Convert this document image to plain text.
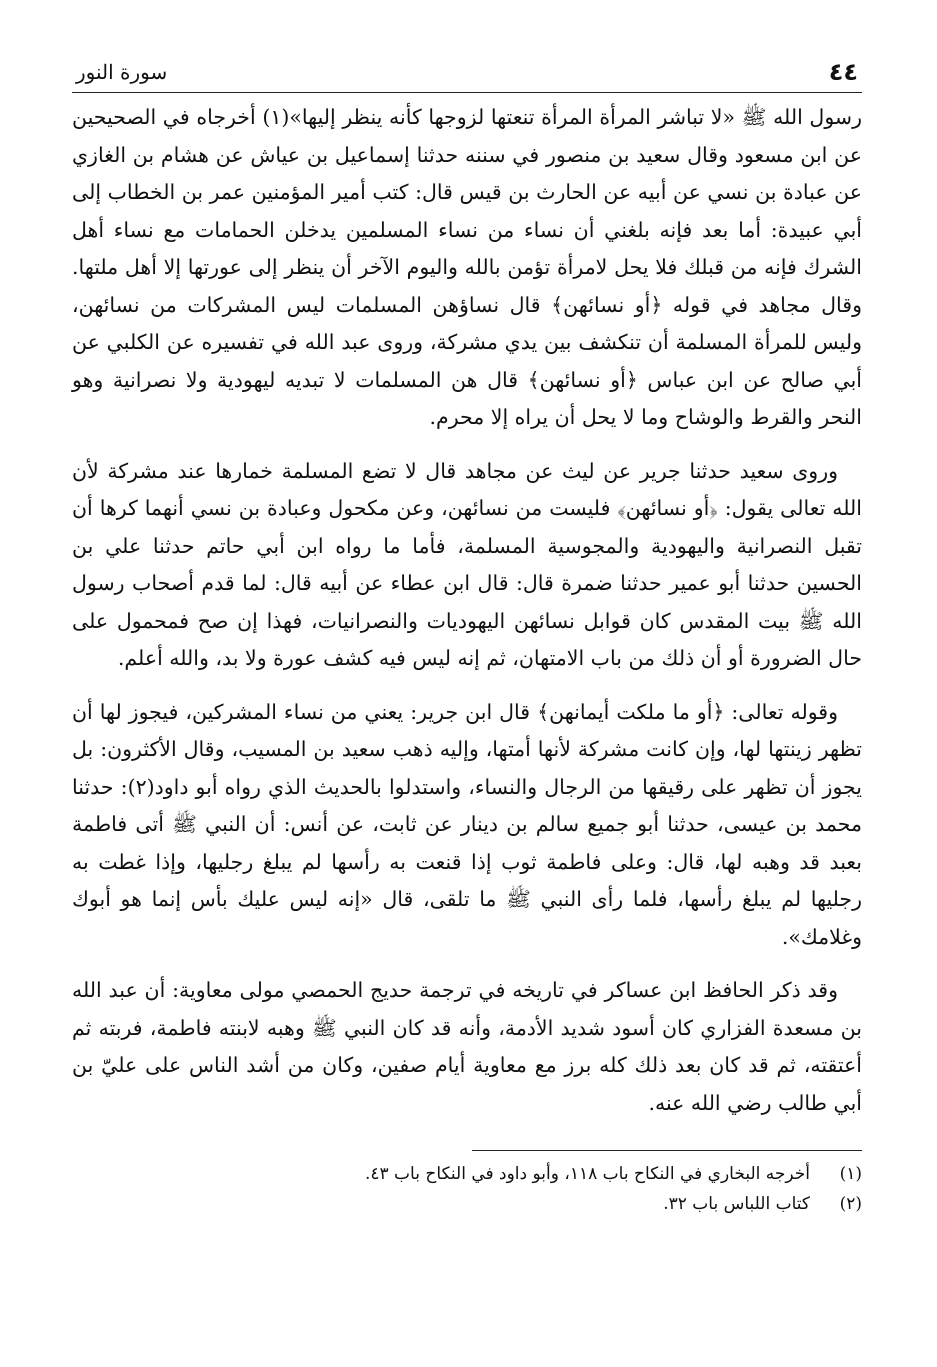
٤٤
سورة النور

رسول الله ﷺ «لا تباشر المرأة المرأة تنعتها لزوجها كأنه ينظر إليها»(١) أخرجاه في الصحيحين عن ابن مسعود وقال سعيد بن منصور في سننه حدثنا إسماعيل بن عياش عن هشام بن الغازي عن عبادة بن نسي عن أبيه عن الحارث بن قيس قال: كتب أمير المؤمنين عمر بن الخطاب إلى أبي عبيدة: أما بعد فإنه بلغني أن نساء من نساء المسلمين يدخلن الحمامات مع نساء أهل الشرك فإنه من قبلك فلا يحل لامرأة تؤمن بالله واليوم الآخر أن ينظر إلى عورتها إلا أهل ملتها. وقال مجاهد في قوله ﴿أو نسائهن﴾ قال نساؤهن المسلمات ليس المشركات من نسائهن، وليس للمرأة المسلمة أن تنكشف بين يدي مشركة، وروى عبد الله في تفسيره عن الكلبي عن أبي صالح عن ابن عباس ﴿أو نسائهن﴾ قال هن المسلمات لا تبديه ليهودية ولا نصرانية وهو النحر والقرط والوشاح وما لا يحل أن يراه إلا محرم.

وروى سعيد حدثنا جرير عن ليث عن مجاهد قال لا تضع المسلمة خمارها عند مشركة لأن الله تعالى يقول: ﴿أو نسائهن﴾ فليست من نسائهن، وعن مكحول وعبادة بن نسي أنهما كرها أن تقبل النصرانية واليهودية والمجوسية المسلمة، فأما ما رواه ابن أبي حاتم حدثنا علي بن الحسين حدثنا أبو عمير حدثنا ضمرة قال: قال ابن عطاء عن أبيه قال: لما قدم أصحاب رسول الله ﷺ بيت المقدس كان قوابل نسائهن اليهوديات والنصرانيات، فهذا إن صح فمحمول على حال الضرورة أو أن ذلك من باب الامتهان، ثم إنه ليس فيه كشف عورة ولا بد، والله أعلم.

وقوله تعالى: ﴿أو ما ملكت أيمانهن﴾ قال ابن جرير: يعني من نساء المشركين، فيجوز لها أن تظهر زينتها لها، وإن كانت مشركة لأنها أمتها، وإليه ذهب سعيد بن المسيب، وقال الأكثرون: بل يجوز أن تظهر على رقيقها من الرجال والنساء، واستدلوا بالحديث الذي رواه أبو داود(٢): حدثنا محمد بن عيسى، حدثنا أبو جميع سالم بن دينار عن ثابت، عن أنس: أن النبي ﷺ أتى فاطمة بعبد قد وهبه لها، قال: وعلى فاطمة ثوب إذا قنعت به رأسها لم يبلغ رجليها، وإذا غطت به رجليها لم يبلغ رأسها، فلما رأى النبي ﷺ ما تلقى، قال «إنه ليس عليك بأس إنما هو أبوك وغلامك».

وقد ذكر الحافظ ابن عساكر في تاريخه في ترجمة حديج الحمصي مولى معاوية: أن عبد الله بن مسعدة الفزاري كان أسود شديد الأدمة، وأنه قد كان النبي ﷺ وهبه لابنته فاطمة، فربته ثم أعتقته، ثم قد كان بعد ذلك كله برز مع معاوية أيام صفين، وكان من أشد الناس على عليّ بن أبي طالب رضي الله عنه.

(١)أخرجه البخاري في النكاح باب ١١٨، وأبو داود في النكاح باب ٤٣.
(٢)كتاب اللباس باب ٣٢.
